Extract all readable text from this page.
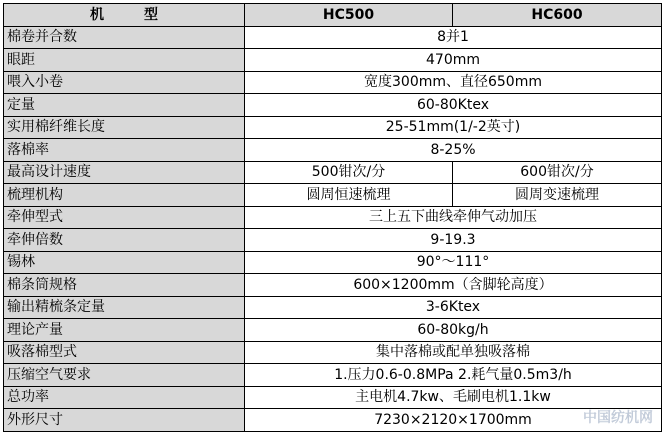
机型	HC500	HC600
棉卷并合数	8并1	
眼距	470mm	
喂入小卷	宽度300mm、直径650mm	
定量	60-80Ktex	
实用棉纤维长度	25-51mm(1/-2英寸)	
落棉率	8-25%	
最高设计速度	500钳次/分	600钳次/分
梳理机构	圆周恒速梳理	圆周变速梳理
牵伸型式	三上五下曲线牵伸气动加压	
牵伸倍数	9-19.3	
锡林	90°～111°	
棉条筒规格	600×1200mm（含脚轮高度）	
输出精梳条定量	3-6Ktex	
理论产量	60-80kg/h	
吸落棉型式	集中落棉或配单独吸落棉	
压缩空气要求	1.压力0.6-0.8MPa 2.耗气量0.5m3/h	
总功率	主电机4.7kw、毛刷电机1.1kw	
外形尺寸	7230×2120×1700mm		中国纺机网
